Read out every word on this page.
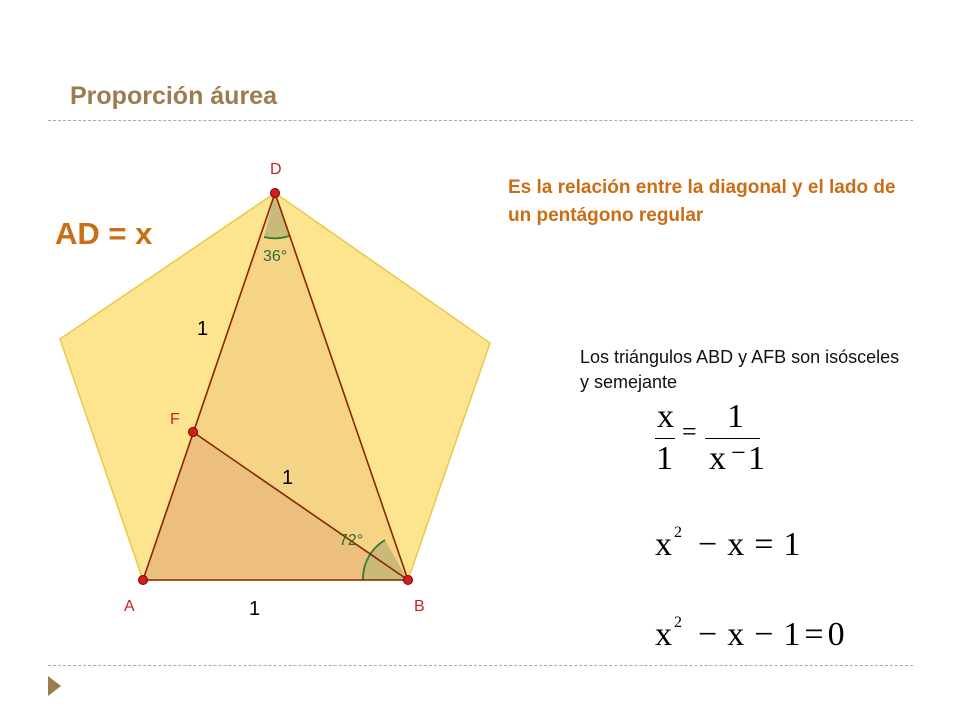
Proporción áurea
D
F
A	B
36°
72°
1
1
1
AD = x
Es la relación entre la diagonal y el lado de un pentágono regular
Los triángulos ABD y AFB son isósceles y semejante
x
1
= 1
x − 1
x $^2$ − x = 1
x $^2$ − x − 1 = 0
